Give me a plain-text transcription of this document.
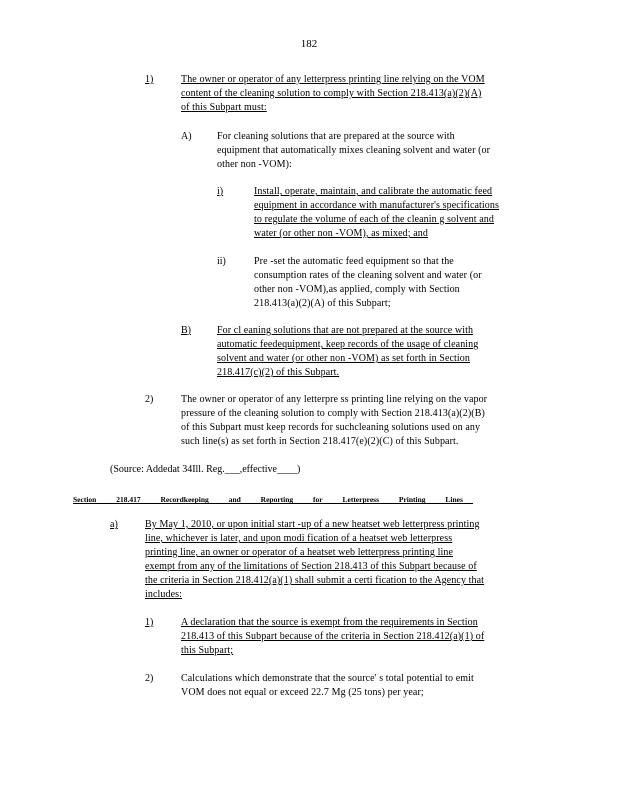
182
1)	The owner or operator of any letterpress printing line relying on the VOM
content of the cleaning solution to comply with Section 218.413(a)(2)(A)
of this Subpart must:
A)	For cleaning solutions that are prepared at the source with
equipment that automatically mixes cleaning solvent and water (or
other non -VOM):
i)	Install, operate, maintain, and calibrate the automatic feed
equipment in accordance with manufacturer's specifications
to regulate the volume of each of the cleanin g solvent and
water (or other non -VOM), as mixed; and
ii)	Pre -set the automatic feed equipment so that the
consumption rates of the cleaning solvent and water (or
other non -VOM),as applied, comply with Section
218.413(a)(2)(A) of this Subpart;
B)	For cl eaning solutions that are not prepared at the source with
automatic feedequipment, keep records of the usage of cleaning
solvent and water (or other non -VOM) as set forth in Section
218.417(c)(2) of this Subpart.
2)	The owner or operator of any letterpre ss printing line relying on the vapor
pressure of the cleaning solution to comply with Section 218.413(a)(2)(B)
of this Subpart must keep records for suchcleaning solutions used on any
such line(s) as set forth in Section 218.417(e)(2)(C) of this Subpart.
(Source: Addedat 34Ill. Reg.___,effective____)
Section	218.417	Recordkeeping	and	Reporting	for	Letterpress	Printing	Lines
a)	By May 1, 2010, or upon initial start -up of a new heatset web letterpress printing
line, whichever is later, and upon modi fication of a heatset web letterpress
printing line, an owner or operator of a heatset web letterpress printing line
exempt from any of the limitations of Section 218.413 of this Subpart because of
the criteria in Section 218.412(a)(1) shall submit a certi fication to the Agency that
includes:
1)	A declaration that the source is exempt from the requirements in Section
218.413 of this Subpart because of the criteria in Section 218.412(a)(1) of
this Subpart;
2)	Calculations which demonstrate that the source' s total potential to emit
VOM does not equal or exceed 22.7 Mg (25 tons) per year;
